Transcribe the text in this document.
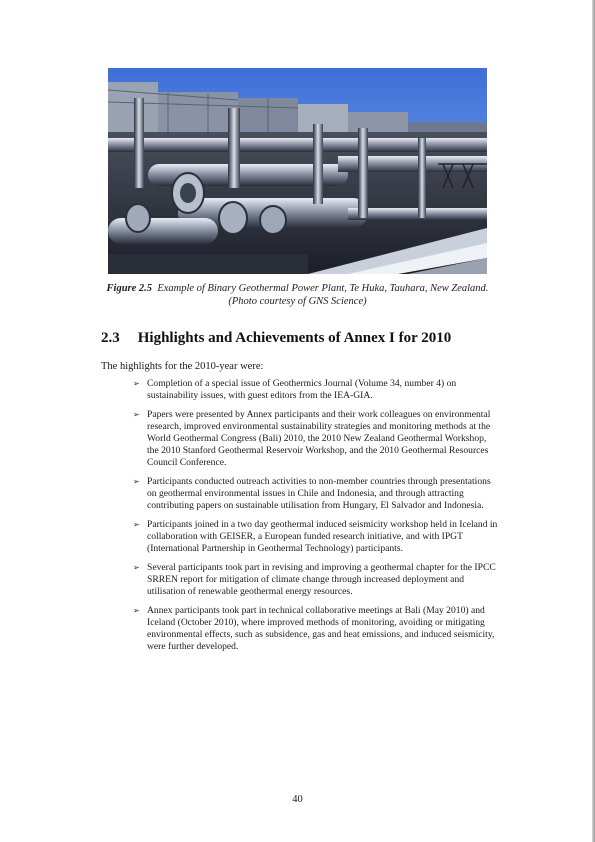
Figure 2.5 Example of Binary Geothermal Power Plant, Te Huka, Tauhara, New Zealand.
(Photo courtesy of GNS Science)
2.3 Highlights and Achievements of Annex I for 2010
The highlights for the 2010-year were:
➢ Completion of a special issue of Geothermics Journal (Volume 34, number 4) on sustainability issues, with guest editors from the IEA-GIA.
➢ Papers were presented by Annex participants and their work colleagues on environmental research, improved environmental sustainability strategies and monitoring methods at the World Geothermal Congress (Bali) 2010, the 2010 New Zealand Geothermal Workshop, the 2010 Stanford Geothermal Reservoir Workshop, and the 2010 Geothermal Resources Council Conference.
➢ Participants conducted outreach activities to non-member countries through presentations on geothermal environmental issues in Chile and Indonesia, and through attracting contributing papers on sustainable utilisation from Hungary, El Salvador and Indonesia.
➢ Participants joined in a two day geothermal induced seismicity workshop held in Iceland in collaboration with GEISER, a European funded research initiative, and with IPGT (International Partnership in Geothermal Technology) participants.
➢ Several participants took part in revising and improving a geothermal chapter for the IPCC SRREN report for mitigation of climate change through increased deployment and utilisation of renewable geothermal energy resources.
➢ Annex participants took part in technical collaborative meetings at Bali (May 2010) and Iceland (October 2010), where improved methods of monitoring, avoiding or mitigating environmental effects, such as subsidence, gas and heat emissions, and induced seismicity, were further developed.
40
